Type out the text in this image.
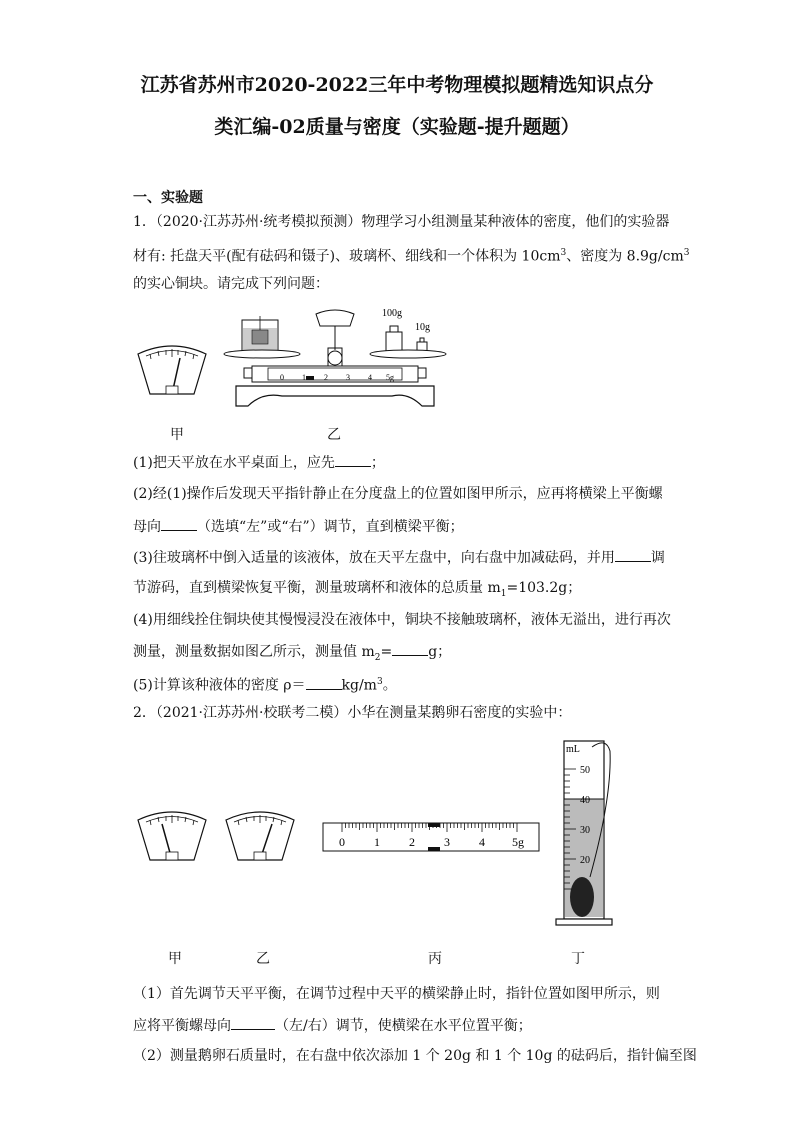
江苏省苏州市2020-2022三年中考物理模拟题精选知识点分
类汇编-02质量与密度（实验题-提升题题）
一、实验题
1．（2020·江苏苏州·统考模拟预测）物理学习小组测量某种液体的密度，他们的实验器
材有: 托盘天平(配有砝码和镊子)、玻璃杯、细线和一个体积为 $10cm^3$、密度为 $8.9g/cm^3$
的实心铜块。请完成下列问题：
甲
100g
10g
0 1 2 3 4 5g
乙
(1)把天平放在水平桌面上，应先	；
(2)经(1)操作后发现天平指针静止在分度盘上的位置如图甲所示，应再将横梁上平衡螺
母向	（选填“左”或“右”）调节，直到横梁平衡；
(3)往玻璃杯中倒入适量的该液体，放在天平左盘中，向右盘中加减砝码，并用	调
节游码，直到横梁恢复平衡，测量玻璃杯和液体的总质量 $m_1=103.2g$；
(4)用细线拴住铜块使其慢慢浸没在液体中，铜块不接触玻璃杯，液体无溢出，进行再次
测量，测量数据如图乙所示，测量值 $m_2=$	g；
(5)计算该种液体的密度 ρ＝	$kg/m^3$。
2．（2021·江苏苏州·校联考二模）小华在测量某鹅卵石密度的实验中：
0 1 2 3 4 5g
mL
50
40
30
20
甲	乙	丙	丁
（1）首先调节天平平衡，在调节过程中天平的横梁静止时，指针位置如图甲所示，则
应将平衡螺母向	（左/右）调节，使横梁在水平位置平衡；
（2）测量鹅卵石质量时，在右盘中依次添加 1 个 20g 和 1 个 10g 的砝码后，指针偏至图
